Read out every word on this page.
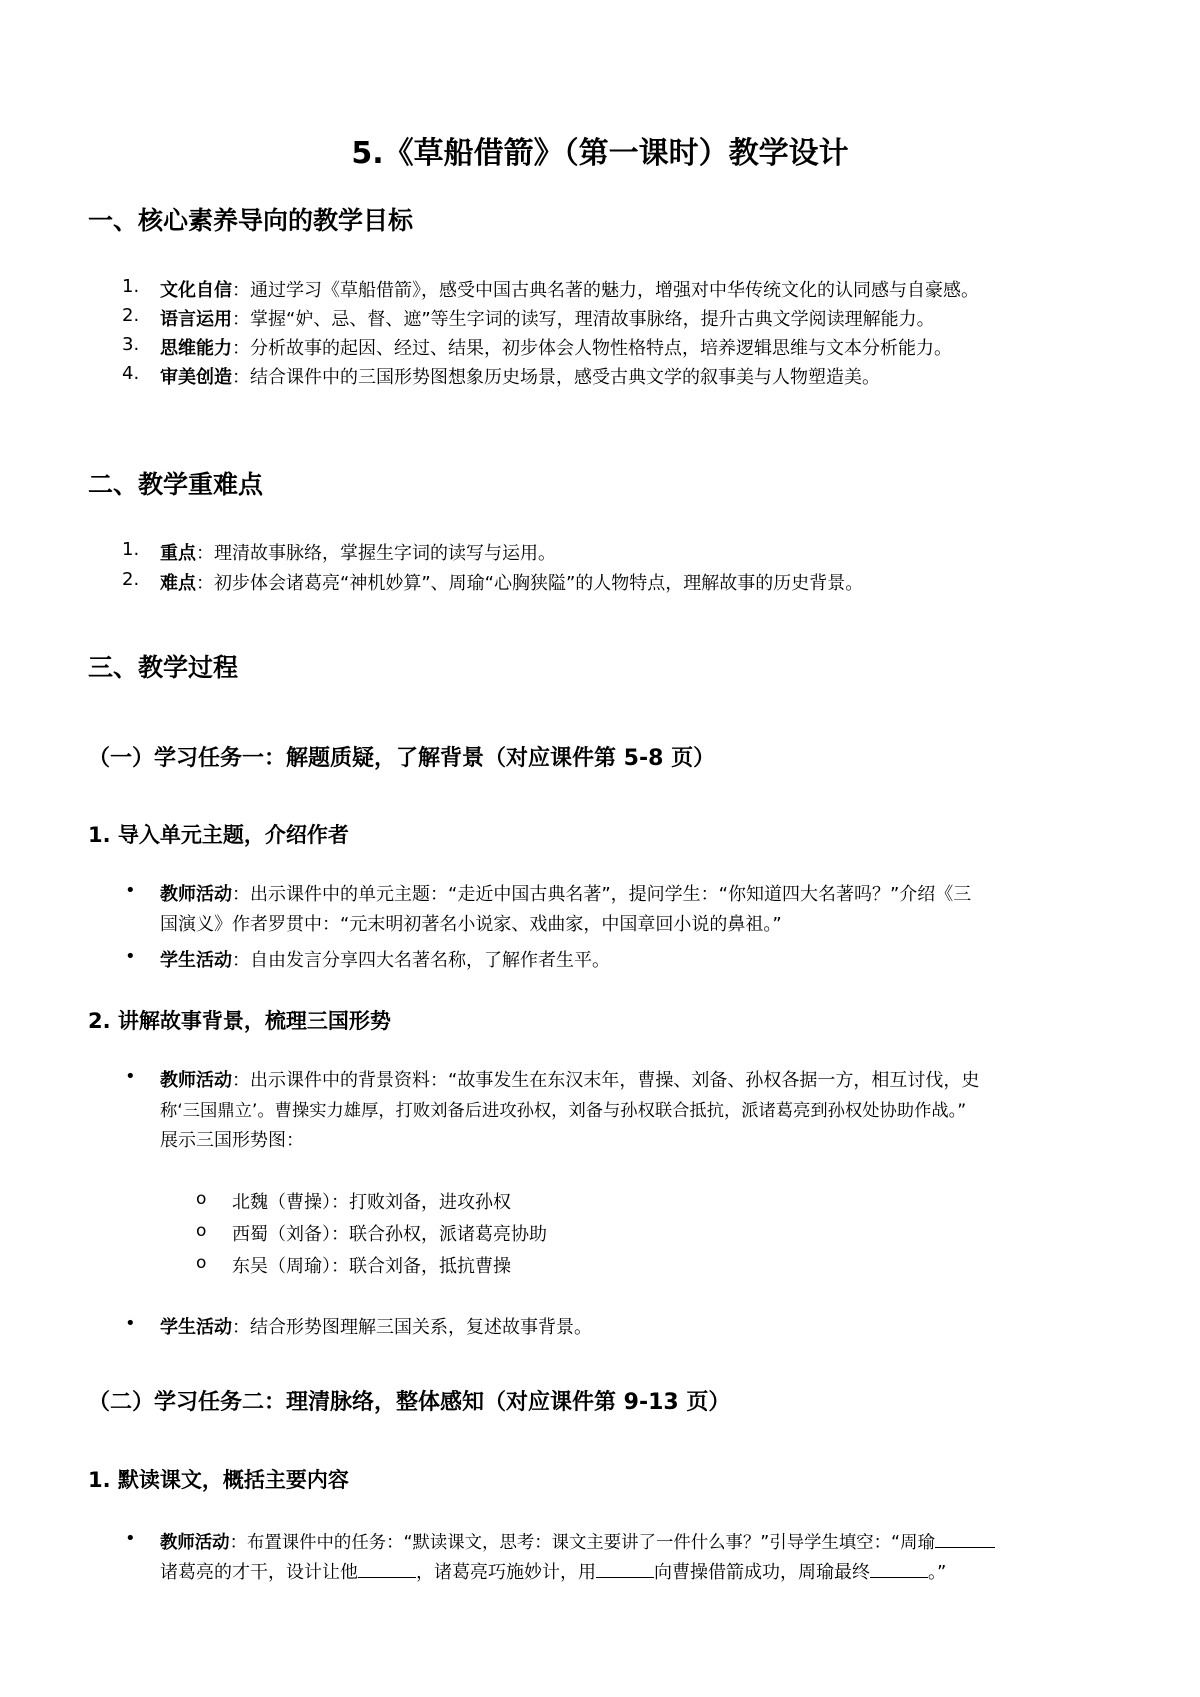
5.《草船借箭》（第一课时）教学设计
一、核心素养导向的教学目标
1. 文化自信：通过学习《草船借箭》，感受中国古典名著的魅力，增强对中华传统文化的认同感与自豪感。
2. 语言运用：掌握“妒、忌、督、遮”等生字词的读写，理清故事脉络，提升古典文学阅读理解能力。
3. 思维能力：分析故事的起因、经过、结果，初步体会人物性格特点，培养逻辑思维与文本分析能力。
4. 审美创造：结合课件中的三国形势图想象历史场景，感受古典文学的叙事美与人物塑造美。
二、教学重难点
1. 重点：理清故事脉络，掌握生字词的读写与运用。
2. 难点：初步体会诸葛亮“神机妙算”、周瑜“心胸狭隘”的人物特点，理解故事的历史背景。
三、教学过程
（一）学习任务一：解题质疑，了解背景（对应课件第 5-8 页）
1. 导入单元主题，介绍作者
• 教师活动：出示课件中的单元主题：“走近中国古典名著”，提问学生：“你知道四大名著吗？”介绍《三
国演义》作者罗贯中：“元末明初著名小说家、戏曲家，中国章回小说的鼻祖。”
• 学生活动：自由发言分享四大名著名称，了解作者生平。
2. 讲解故事背景，梳理三国形势
• 教师活动：出示课件中的背景资料：“故事发生在东汉末年，曹操、刘备、孙权各据一方，相互讨伐，史
称‘三国鼎立’。曹操实力雄厚，打败刘备后进攻孙权，刘备与孙权联合抵抗，派诸葛亮到孙权处协助作战。”
展示三国形势图：
o 北魏（曹操）：打败刘备，进攻孙权
o 西蜀（刘备）：联合孙权，派诸葛亮协助
o 东吴（周瑜）：联合刘备，抵抗曹操
• 学生活动：结合形势图理解三国关系，复述故事背景。
（二）学习任务二：理清脉络，整体感知（对应课件第 9-13 页）
1. 默读课文，概括主要内容
• 教师活动：布置课件中的任务：“默读课文，思考：课文主要讲了一件什么事？”引导学生填空：“周瑜
诸葛亮的才干，设计让他	，诸葛亮巧施妙计，用	向曹操借箭成功，周瑜最终	。”
